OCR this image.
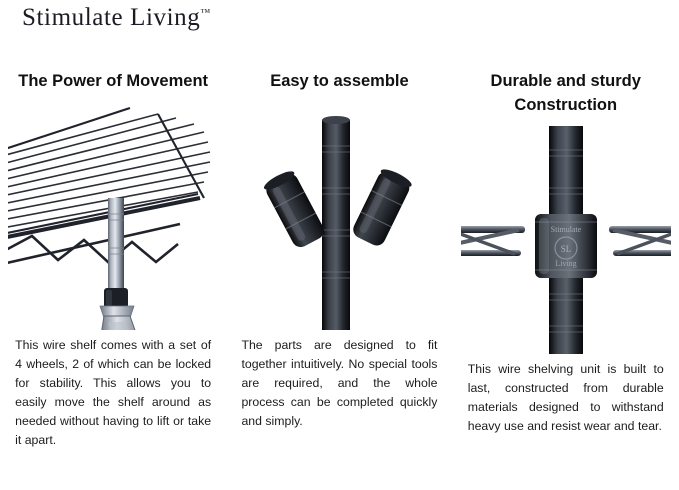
Stimulate Living™
The Power of Movement
This wire shelf comes with a set of 4 wheels, 2 of which can be locked for stability. This allows you to easily move the shelf around as needed without having to lift or take it apart.
Easy to assemble
The parts are designed to fit together intuitively. No special tools are required, and the whole process can be completed quickly and simply.
Durable and sturdy Construction
Stimulate
Living
SL
This wire shelving unit is built to last, constructed from durable materials designed to withstand heavy use and resist wear and tear.
